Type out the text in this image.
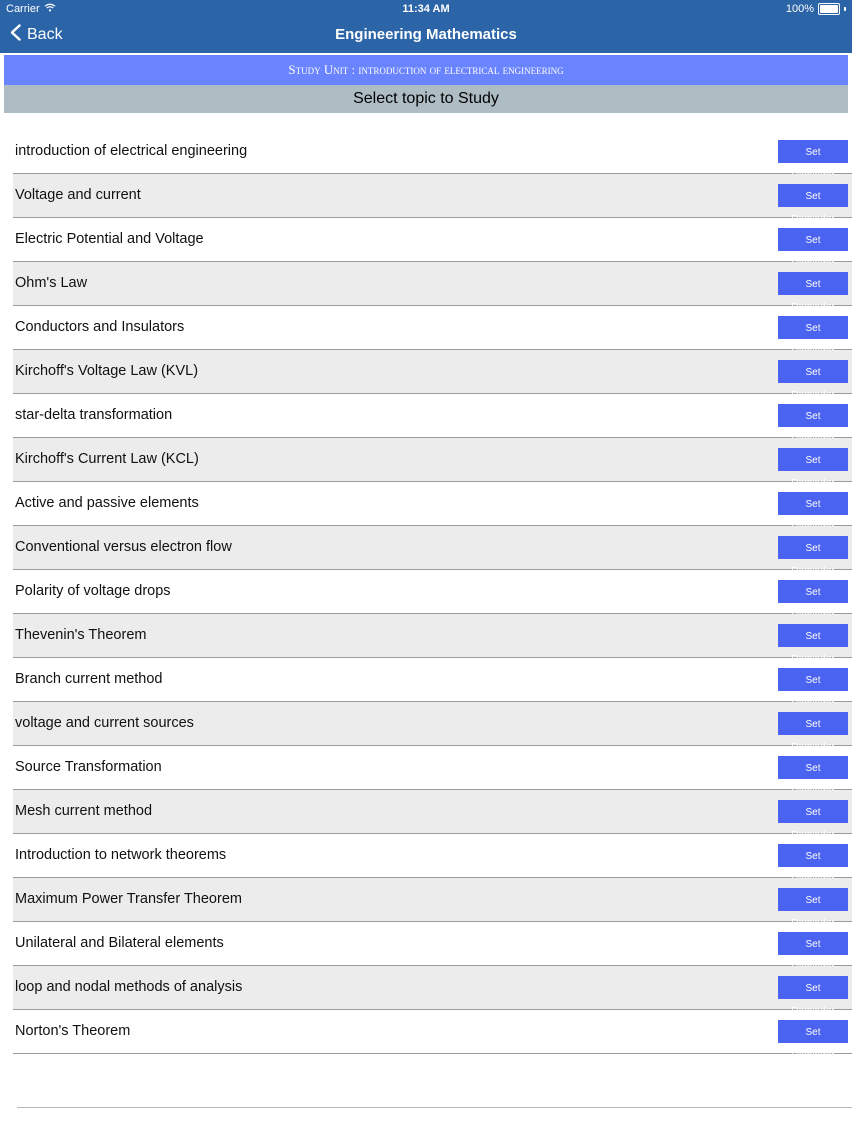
Carrier	11:34 AM	100%
Back	Engineering Mathematics
Study Unit : introduction of electrical engineering
Select topic to Study
introduction of electrical engineering	Set
Voltage and current	Set
Electric Potential and Voltage	Set
Ohm's Law	Set
Conductors and Insulators	Set
Kirchoff's Voltage Law (KVL)	Set
star-delta transformation	Set
Kirchoff's Current Law (KCL)	Set
Active and passive elements	Set
Conventional versus electron flow	Set
Polarity of voltage drops	Set
Thevenin's Theorem	Set
Branch current method	Set
voltage and current sources	Set
Source Transformation	Set
Mesh current method	Set
Introduction to network theorems	Set
Maximum Power Transfer Theorem	Set
Unilateral and Bilateral elements	Set
loop and nodal methods of analysis	Set
Norton's Theorem	Set Reminder
